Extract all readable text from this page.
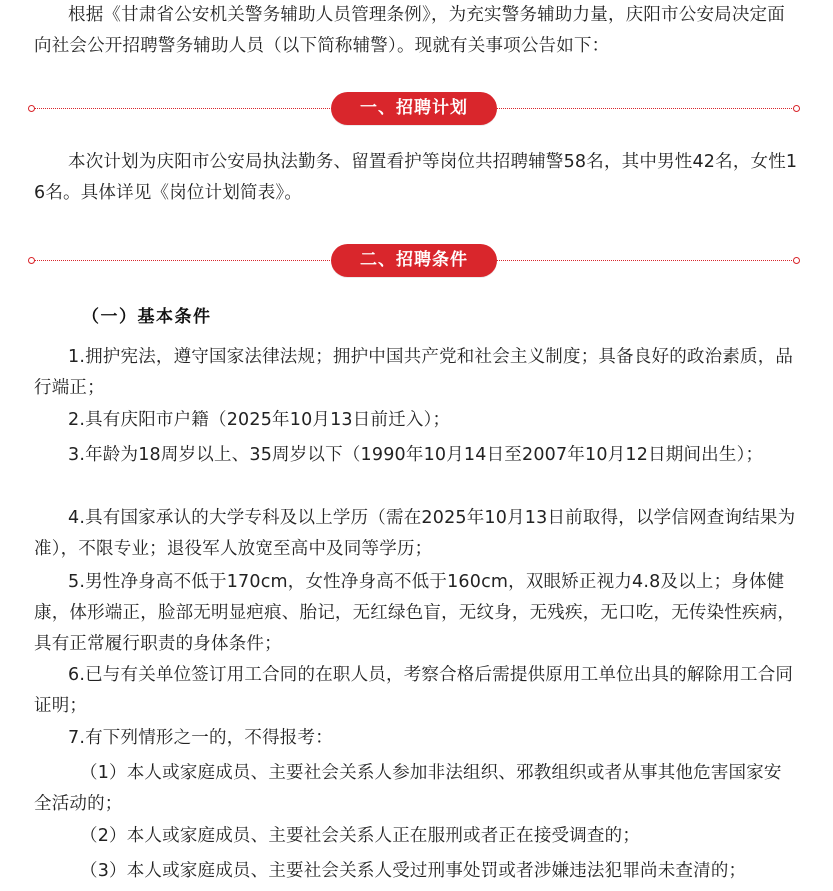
根据《甘肃省公安机关警务辅助人员管理条例》，为充实警务辅助力量，庆阳市公安局决定面向社会公开招聘警务辅助人员（以下简称辅警）。现就有关事项公告如下：

一、招聘计划

本次计划为庆阳市公安局执法勤务、留置看护等岗位共招聘辅警58名，其中男性42名，女性16名。具体详见《岗位计划简表》。

二、招聘条件

（一）基本条件

1.拥护宪法，遵守国家法律法规；拥护中国共产党和社会主义制度；具备良好的政治素质，品行端正；

2.具有庆阳市户籍（2025年10月13日前迁入）；

3.年龄为18周岁以上、35周岁以下（1990年10月14日至2007年10月12日期间出生）；

4.具有国家承认的大学专科及以上学历（需在2025年10月13日前取得，以学信网查询结果为准），不限专业；退役军人放宽至高中及同等学历；

5.男性净身高不低于170cm，女性净身高不低于160cm，双眼矫正视力4.8及以上；身体健康，体形端正，脸部无明显疤痕、胎记，无红绿色盲，无纹身，无残疾，无口吃，无传染性疾病，具有正常履行职责的身体条件；

6.已与有关单位签订用工合同的在职人员，考察合格后需提供原用工单位出具的解除用工合同证明；

7.有下列情形之一的，不得报考：

（1）本人或家庭成员、主要社会关系人参加非法组织、邪教组织或者从事其他危害国家安全活动的；

（2）本人或家庭成员、主要社会关系人正在服刑或者正在接受调查的；

（3）本人或家庭成员、主要社会关系人受过刑事处罚或者涉嫌违法犯罪尚未查清的；
